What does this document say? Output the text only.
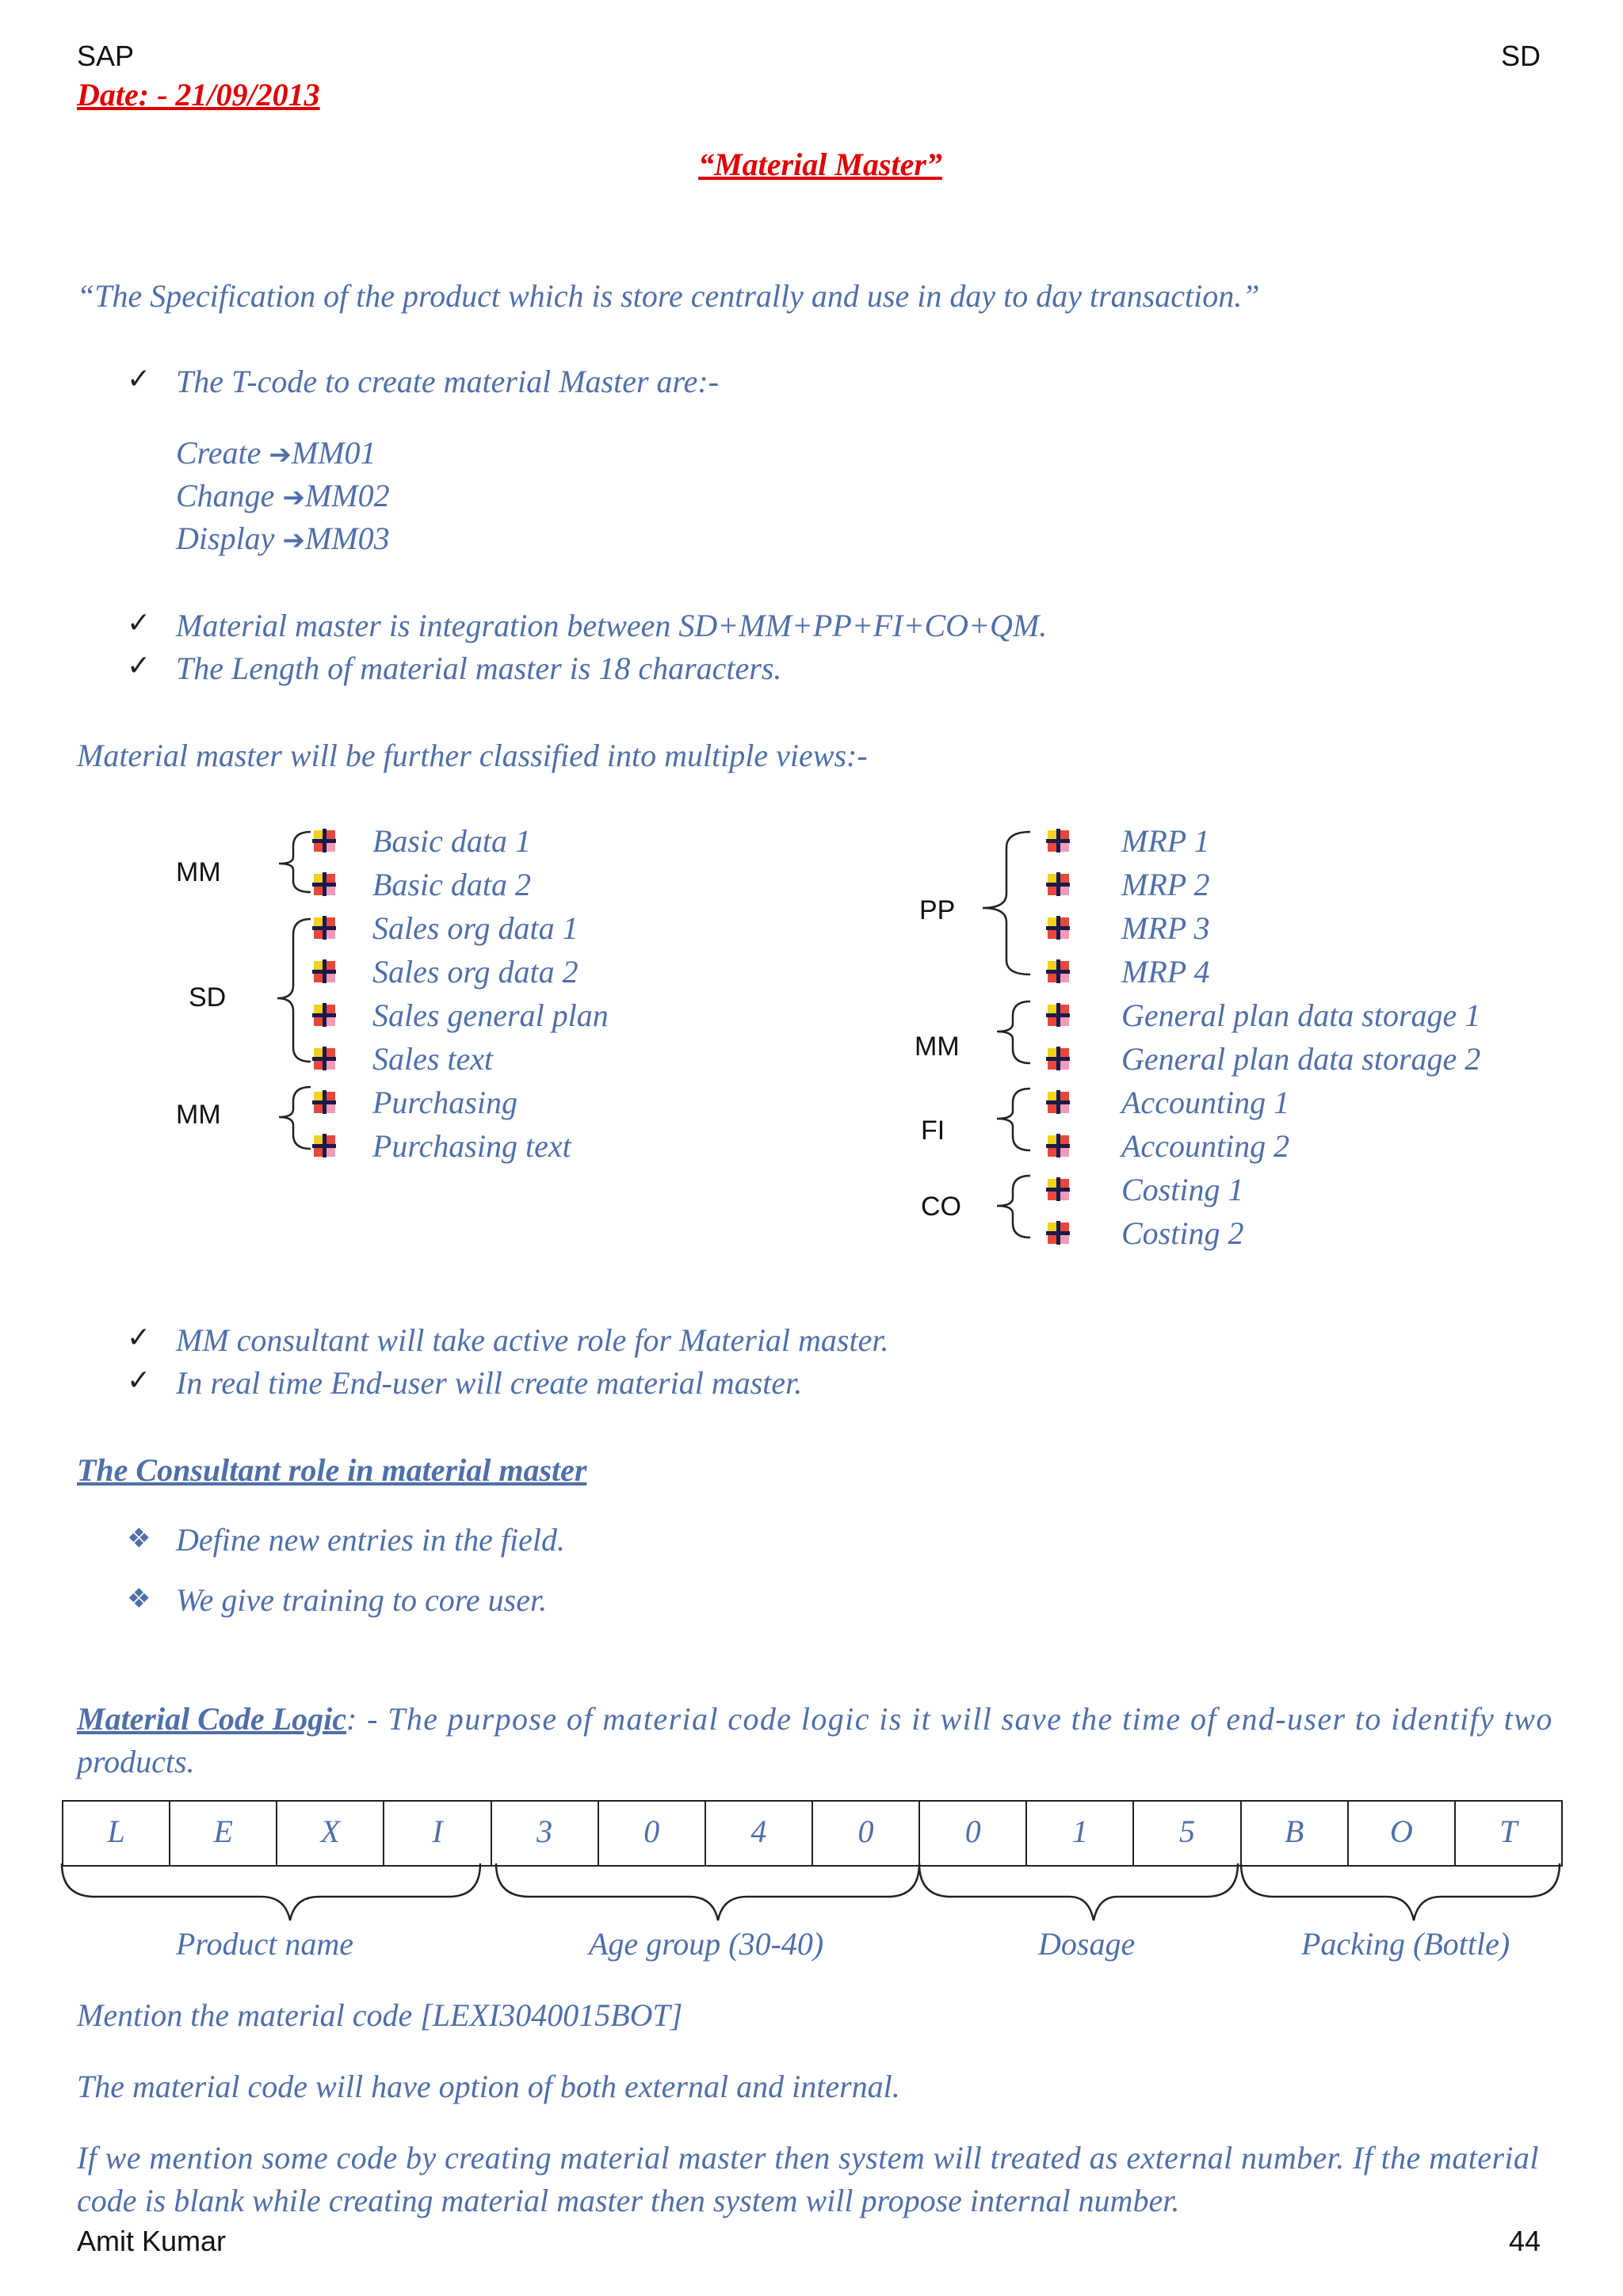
SAP	SD
Date: - 21/09/2013
“Material Master”
“The Specification of the product which is store centrally and use in day to day transaction.”
✓ The T-code to create material Master are:-
Create ➔MM01
Change ➔MM02
Display ➔MM03
✓ Material master is integration between SD+MM+PP+FI+CO+QM.
✓ The Length of material master is 18 characters.
Material master will be further classified into multiple views:-
MM
SD
MM
Basic data 1
Basic data 2
Sales org data 1
Sales org data 2
Sales general plan
Sales text
Purchasing
Purchasing text
PP
MM
FI
CO
MRP 1
MRP 2
MRP 3
MRP 4
General plan data storage 1
General plan data storage 2
Accounting 1
Accounting 2
Costing 1
Costing 2
✓ MM consultant will take active role for Material master.
✓ In real time End-user will create material master.
The Consultant role in material master
❖ Define new entries in the field.
❖ We give training to core user.
Material Code Logic: - The purpose of material code logic is it will save the time of end-user to identify two
products.
L	E	X	I	3	0	4	0	0	1	5	B	O	T
Product name	Age group (30-40)	Dosage	Packing (Bottle)
Mention the material code [LEXI3040015BOT]
The material code will have option of both external and internal.
If we mention some code by creating material master then system will treated as external number. If the material
code is blank while creating material master then system will propose internal number.
Amit Kumar	44
